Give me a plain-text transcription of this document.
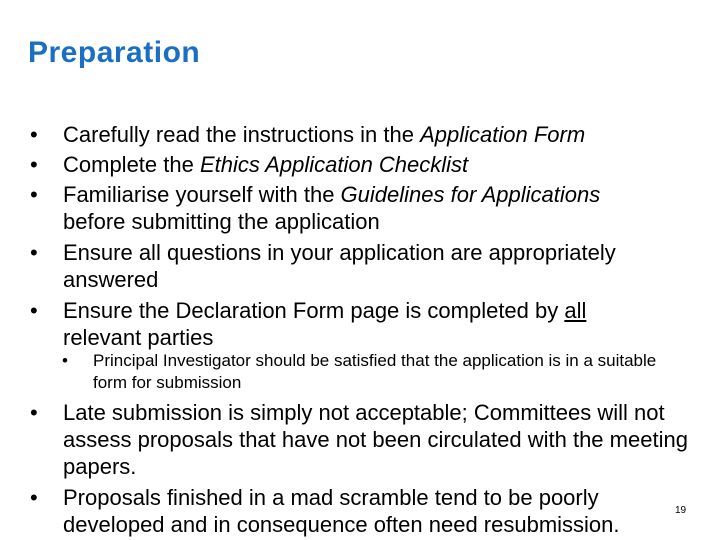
Preparation
• Carefully read the instructions in the Application Form
• Complete the Ethics Application Checklist
• Familiarise yourself with the Guidelines for Applications before submitting the application
• Ensure all questions in your application are appropriately answered
• Ensure the Declaration Form page is completed by all relevant parties
• Principal Investigator should be satisfied that the application is in a suitable form for submission
• Late submission is simply not acceptable; Committees will not assess proposals that have not been circulated with the meeting papers.
• Proposals finished in a mad scramble tend to be poorly developed and in consequence often need resubmission.
19
